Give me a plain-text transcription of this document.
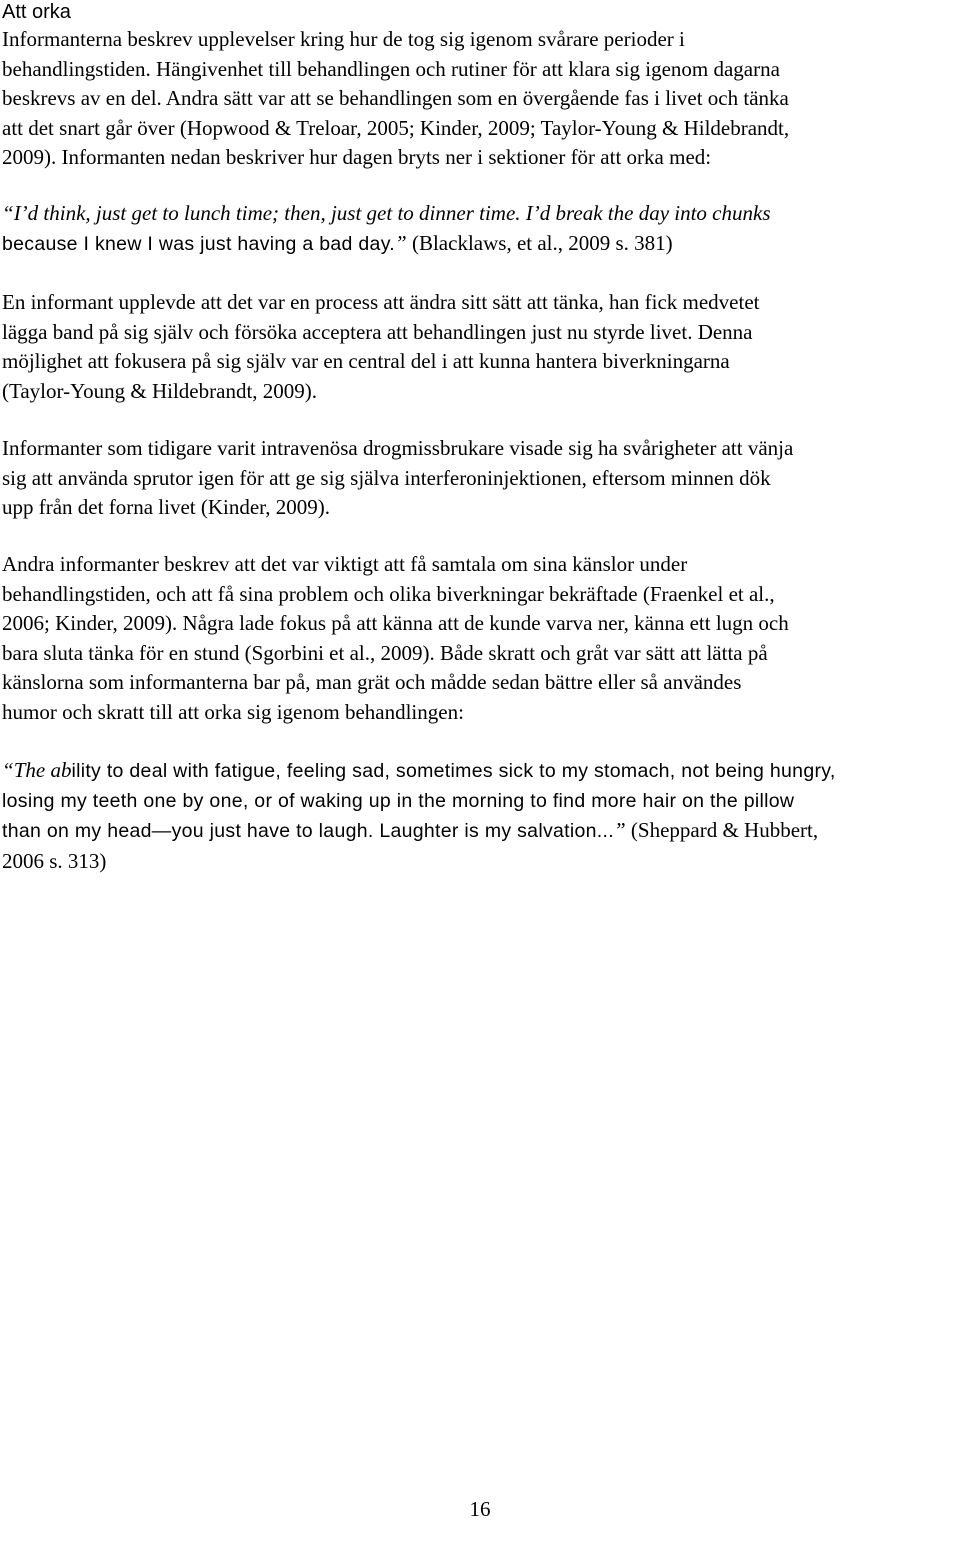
Att orka

Informanterna beskrev upplevelser kring hur de tog sig igenom svårare perioder i
behandlingstiden. Hängivenhet till behandlingen och rutiner för att klara sig igenom dagarna
beskrevs av en del. Andra sätt var att se behandlingen som en övergående fas i livet och tänka
att det snart går över (Hopwood & Treloar, 2005; Kinder, 2009; Taylor-Young & Hildebrandt,
2009). Informanten nedan beskriver hur dagen bryts ner i sektioner för att orka med:

“I’d think, just get to lunch time; then, just get to dinner time. I’d break the day into chunks
because I knew I was just having a bad day.” (Blacklaws, et al., 2009 s. 381)

En informant upplevde att det var en process att ändra sitt sätt att tänka, han fick medvetet
lägga band på sig själv och försöka acceptera att behandlingen just nu styrde livet. Denna
möjlighet att fokusera på sig själv var en central del i att kunna hantera biverkningarna
(Taylor-Young & Hildebrandt, 2009).

Informanter som tidigare varit intravenösa drogmissbrukare visade sig ha svårigheter att vänja
sig att använda sprutor igen för att ge sig själva interferoninjektionen, eftersom minnen dök
upp från det forna livet (Kinder, 2009).

Andra informanter beskrev att det var viktigt att få samtala om sina känslor under
behandlingstiden, och att få sina problem och olika biverkningar bekräftade (Fraenkel et al.,
2006; Kinder, 2009). Några lade fokus på att känna att de kunde varva ner, känna ett lugn och
bara sluta tänka för en stund (Sgorbini et al., 2009). Både skratt och gråt var sätt att lätta på
känslorna som informanterna bar på, man grät och mådde sedan bättre eller så användes
humor och skratt till att orka sig igenom behandlingen:

“The ability to deal with fatigue, feeling sad, sometimes sick to my stomach, not being hungry,
losing my teeth one by one, or of waking up in the morning to find more hair on the pillow
than on my head—you just have to laugh. Laughter is my salvation...” (Sheppard & Hubbert,
2006 s. 313)

16
